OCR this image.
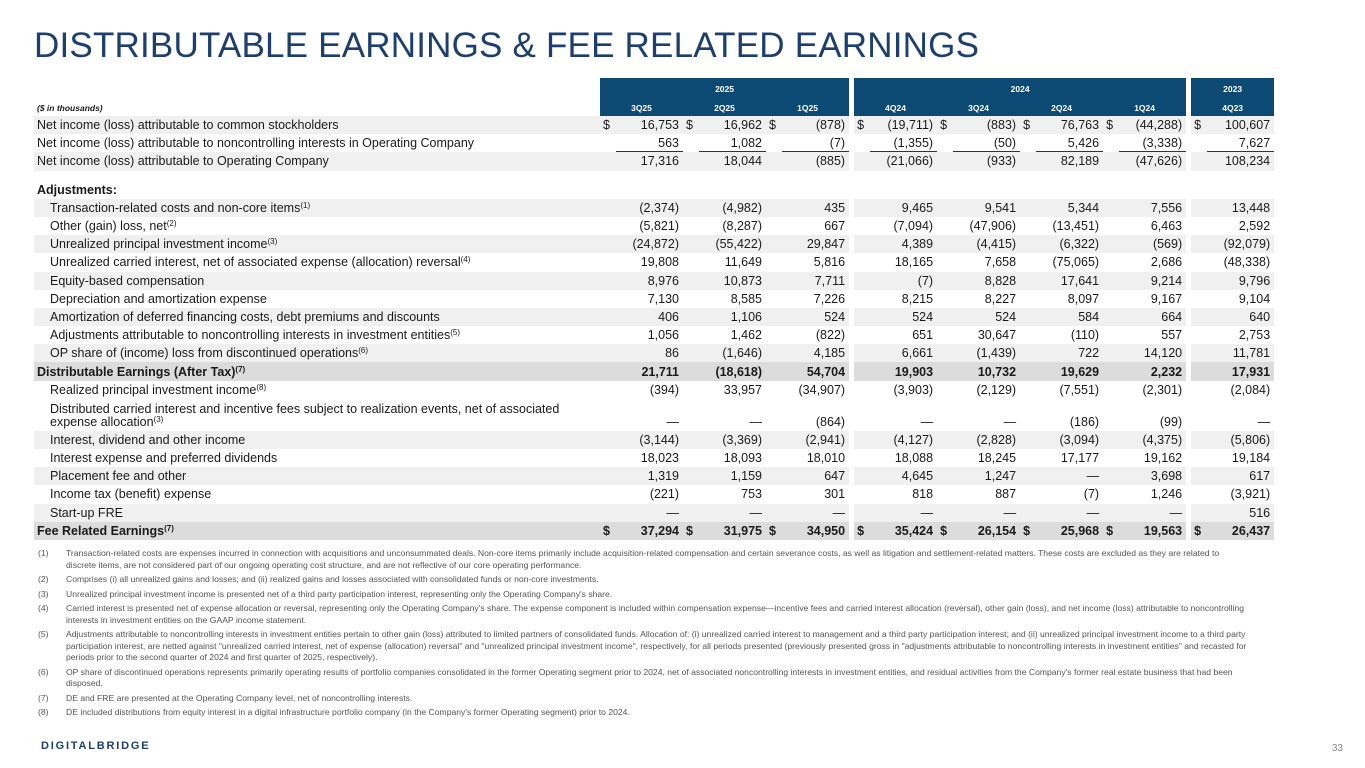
DISTRIBUTABLE EARNINGS & FEE RELATED EARNINGS
	2025							2024									2023	
($ in thousands)	3Q25		2Q25		1Q25			4Q24		3Q24		2Q24		1Q24			4Q23	
Net income (loss) attributable to common stockholders	$	16,753	$	16,962	$	(878)		$	(19,711)	$	(883)	$	76,763	$	(44,288)		$	100,607
Net income (loss) attributable to noncontrolling interests in Operating Company		563		1,082		(7)			(1,355)		(50)		5,426		(3,338)			7,627
Net income (loss) attributable to Operating Company		17,316		18,044		(885)			(21,066)		(933)		82,189		(47,626)			108,234

Adjustments:																		
Transaction-related costs and non-core items$^{(1)}$		(2,374)		(4,982)		435			9,465		9,541		5,344		7,556			13,448
Other (gain) loss, net$^{(2)}$		(5,821)		(8,287)		667			(7,094)		(47,906)		(13,451)		6,463			2,592
Unrealized principal investment income$^{(3)}$		(24,872)		(55,422)		29,847			4,389		(4,415)		(6,322)		(569)			(92,079)
Unrealized carried interest, net of associated expense (allocation) reversal$^{(4)}$		19,808		11,649		5,816			18,165		7,658		(75,065)		2,686			(48,338)
Equity-based compensation		8,976		10,873		7,711			(7)		8,828		17,641		9,214			9,796
Depreciation and amortization expense		7,130		8,585		7,226			8,215		8,227		8,097		9,167			9,104
Amortization of deferred financing costs, debt premiums and discounts		406		1,106		524			524		524		584		664			640
Adjustments attributable to noncontrolling interests in investment entities$^{(5)}$		1,056		1,462		(822)			651		30,647		(110)		557			2,753
OP share of (income) loss from discontinued operations$^{(6)}$		86		(1,646)		4,185			6,661		(1,439)		722		14,120			11,781
Distributable Earnings (After Tax)$^{(7)}$		21,711		(18,618)		54,704			19,903		10,732		19,629		2,232			17,931
Realized principal investment income$^{(8)}$		(394)		33,957		(34,907)			(3,903)		(2,129)		(7,551)		(2,301)			(2,084)
Distributed carried interest and incentive fees subject to realization events, net of associated expense allocation$^{(3)}$		—		—		(864)			—		—		(186)		(99)			—
Interest, dividend and other income		(3,144)		(3,369)		(2,941)			(4,127)		(2,828)		(3,094)		(4,375)			(5,806)
Interest expense and preferred dividends		18,023		18,093		18,010			18,088		18,245		17,177		19,162			19,184
Placement fee and other		1,319		1,159		647			4,645		1,247		—		3,698			617
Income tax (benefit) expense		(221)		753		301			818		887		(7)		1,246			(3,921)
Start-up FRE		—		—		—			—		—		—		—			516
Fee Related Earnings$^{(7)}$	$	37,294	$	31,975	$	34,950		$	35,424	$	26,154	$	25,968	$	19,563		$	26,437
(1)	Transaction-related costs are expenses incurred in connection with acquisitions and unconsummated deals. Non-core items primarily include acquisition-related compensation and certain severance costs, as well as litigation and settlement-related matters. These costs are excluded as they are related to discrete items, are not considered part of our ongoing operating cost structure, and are not reflective of our core operating performance.
(2)	Comprises (i) all unrealized gains and losses; and (ii) realized gains and losses associated with consolidated funds or non-core investments.
(3)	Unrealized principal investment income is presented net of a third party participation interest, representing only the Operating Company's share.
(4)	Carried interest is presented net of expense allocation or reversal, representing only the Operating Company's share. The expense component is included within compensation expense—incentive fees and carried interest allocation (reversal), other gain (loss), and net income (loss) attributable to noncontrolling interests in investment entities on the GAAP income statement.
(5)	Adjustments attributable to noncontrolling interests in investment entities pertain to other gain (loss) attributed to limited partners of consolidated funds. Allocation of: (i) unrealized carried interest to management and a third party participation interest; and (ii) unrealized principal investment income to a third party participation interest, are netted against "unrealized carried interest, net of expense (allocation) reversal" and "unrealized principal investment income", respectively, for all periods presented (previously presented gross in "adjustments attributable to noncontrolling interests in investment entities" and recasted for periods prior to the second quarter of 2024 and first quarter of 2025, respectively).
(6)	OP share of discontinued operations represents primarily operating results of portfolio companies consolidated in the former Operating segment prior to 2024, net of associated noncontrolling interests in investment entities, and residual activities from the Company's former real estate business that had been disposed.
(7)	DE and FRE are presented at the Operating Company level, net of noncontrolling interests.
(8)	DE included distributions from equity interest in a digital infrastructure portfolio company (in the Company's former Operating segment) prior to 2024.
DIGITALBRIDGE	33
